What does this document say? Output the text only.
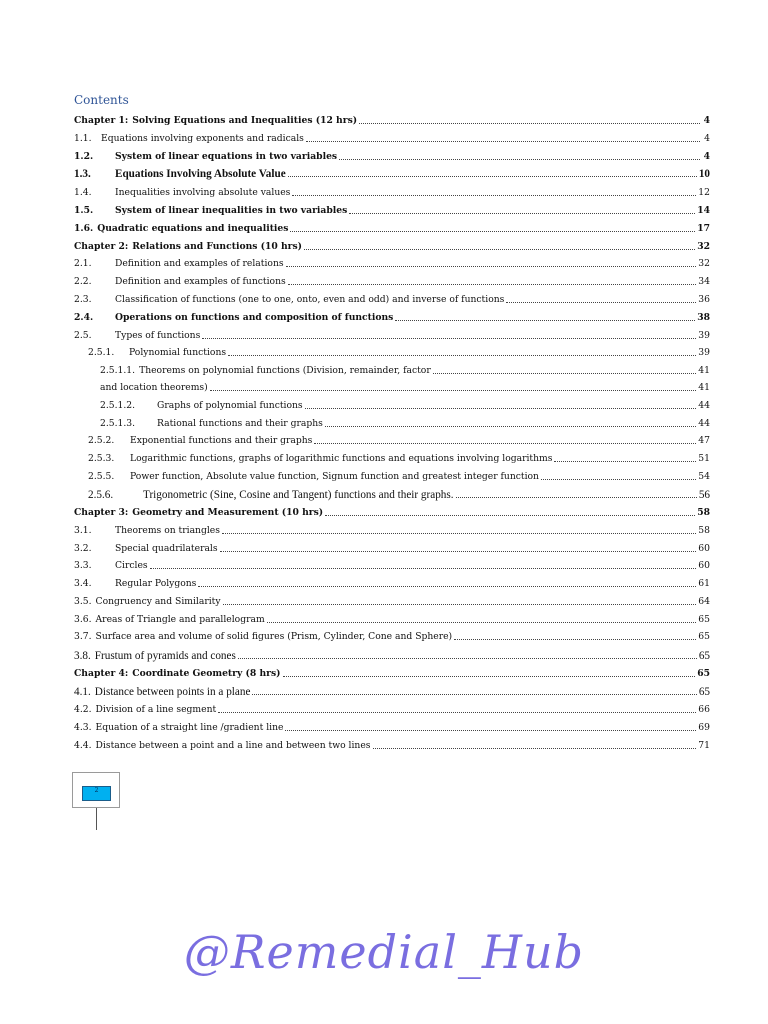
Contents
Chapter 1: Solving Equations and Inequalities (12 hrs)	4
1.1.	Equations involving exponents and radicals	4
1.2.	System of linear equations in two variables	4
1.3.	Equations Involving Absolute Value	10
1.4.	Inequalities involving absolute values	12
1.5.	System of linear inequalities in two variables	14
1.6. Quadratic equations and inequalities	17
Chapter 2: Relations and Functions (10 hrs)	32
2.1.	Definition and examples of relations	32
2.2.	Definition and examples of functions	34
2.3.	Classification of functions (one to one, onto, even and odd) and inverse of functions	36
2.4.	Operations on functions and composition of functions	38
2.5.	Types of functions	39
2.5.1.	Polynomial functions	39
2.5.1.1. Theorems on polynomial functions (Division, remainder, factor	41
and location theorems)	41
2.5.1.2.	Graphs of polynomial functions	44
2.5.1.3.	Rational functions and their graphs	44
2.5.2.	Exponential functions and their graphs	47
2.5.3.	Logarithmic functions, graphs of logarithmic functions and equations involving logarithms	51
2.5.5.	Power function, Absolute value function, Signum function and greatest integer function	54
2.5.6.	Trigonometric (Sine, Cosine and Tangent) functions and their graphs.	56
Chapter 3: Geometry and Measurement (10 hrs)	58
3.1.	Theorems on triangles	58
3.2.	Special quadrilaterals	60
3.3.	Circles	60
3.4.	Regular Polygons	61
3.5. Congruency and Similarity	64
3.6. Areas of Triangle and parallelogram	65
3.7. Surface area and volume of solid figures (Prism, Cylinder, Cone and Sphere)	65
3.8. Frustum of pyramids and cones	65
Chapter 4: Coordinate Geometry (8 hrs)	65
4.1. Distance between points in a plane	65
4.2. Division of a line segment	66
4.3. Equation of a straight line /gradient line	69
4.4. Distance between a point and a line and between two lines	71
2
@Remedial_Hub
